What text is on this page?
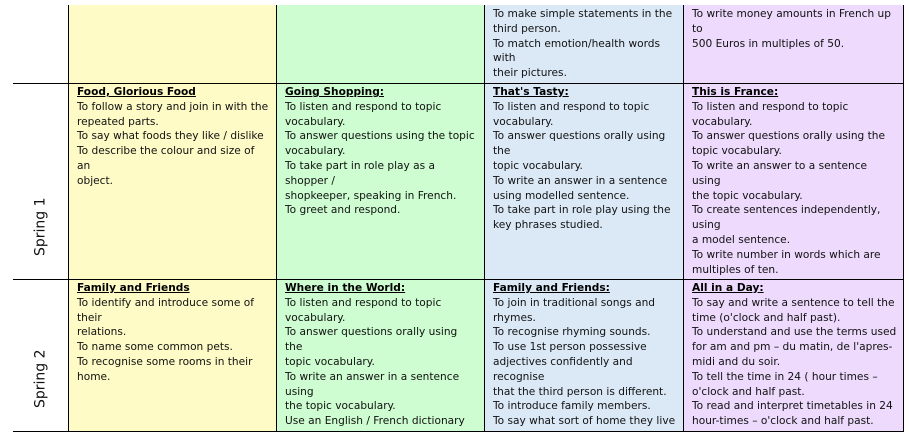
To make simple statements in the
third person.
To match emotion/health words with
their pictures.
To write money amounts in French up to
500 Euros in multiples of 50.
Spring 1
Food, Glorious Food
To follow a story and join in with the
repeated parts.
To say what foods they like / dislike
To describe the colour and size of an
object.
Going Shopping:
To listen and respond to topic
vocabulary.
To answer questions using the topic
vocabulary.
To take part in role play as a shopper /
shopkeeper, speaking in French.
To greet and respond.
That's Tasty:
To listen and respond to topic
vocabulary.
To answer questions orally using the
topic vocabulary.
To write an answer in a sentence
using modelled sentence.
To take part in role play using the
key phrases studied.
This is France:
To listen and respond to topic
vocabulary.
To answer questions orally using the
topic vocabulary.
To write an answer to a sentence using
the topic vocabulary.
To create sentences independently, using
a model sentence.
To write number in words which are
multiples of ten.
Spring 2
Family and Friends
To identify and introduce some of their
relations.
To name some common pets.
To recognise some rooms in their home.
Where in the World:
To listen and respond to topic
vocabulary.
To answer questions orally using the
topic vocabulary.
To write an answer in a sentence using
the topic vocabulary.
Use an English / French dictionary
Family and Friends:
To join in traditional songs and
rhymes.
To recognise rhyming sounds.
To use 1st person possessive
adjectives confidently and recognise
that the third person is different.
To introduce family members.
To say what sort of home they live
All in a Day:
To say and write a sentence to tell the
time (o'clock and half past).
To understand and use the terms used
for am and pm – du matin, de l'apres-
midi and du soir.
To tell the time in 24 ( hour times –
o'clock and half past.
To read and interpret timetables in 24
hour-times – o'clock and half past.
